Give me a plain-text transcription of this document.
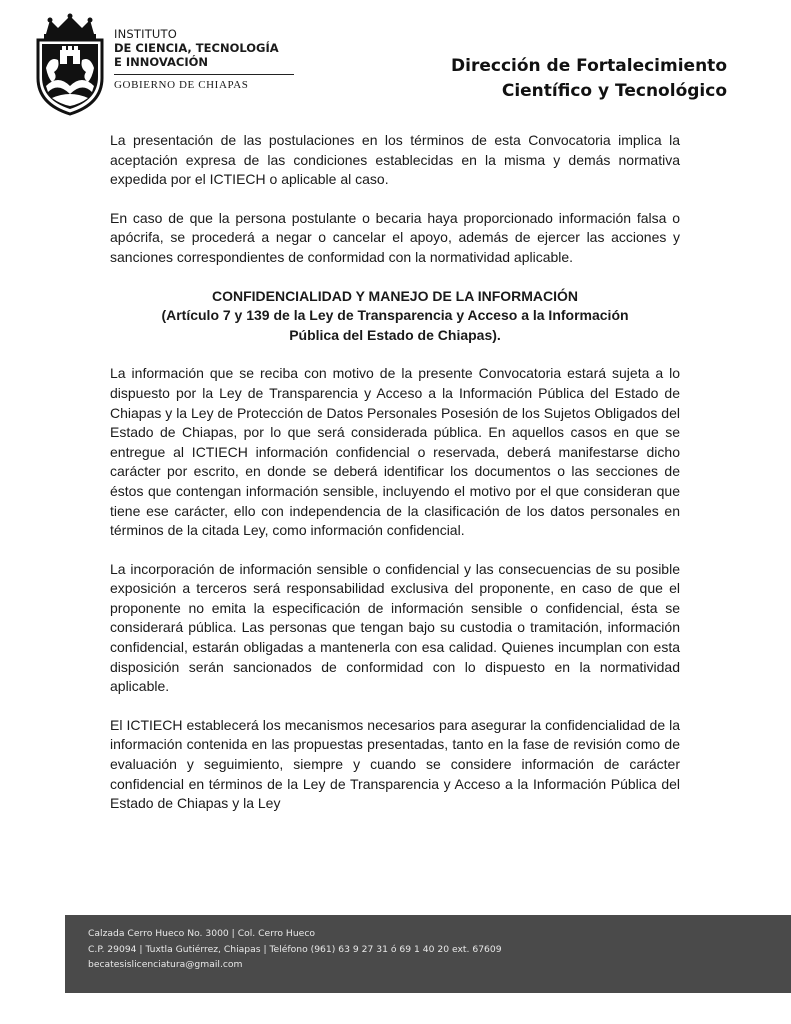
INSTITUTO
DE CIENCIA, TECNOLOGÍA
E INNOVACIÓN
GOBIERNO DE CHIAPAS
Dirección de Fortalecimiento
Científico y Tecnológico

La presentación de las postulaciones en los términos de esta Convocatoria implica la aceptación expresa de las condiciones establecidas en la misma y demás normativa expedida por el ICTIECH o aplicable al caso.

En caso de que la persona postulante o becaria haya proporcionado información falsa o apócrifa, se procederá a negar o cancelar el apoyo, además de ejercer las acciones y sanciones correspondientes de conformidad con la normatividad aplicable.

CONFIDENCIALIDAD Y MANEJO DE LA INFORMACIÓN
(Artículo 7 y 139 de la Ley de Transparencia y Acceso a la Información
Pública del Estado de Chiapas).

La información que se reciba con motivo de la presente Convocatoria estará sujeta a lo dispuesto por la Ley de Transparencia y Acceso a la Información Pública del Estado de Chiapas y la Ley de Protección de Datos Personales Posesión de los Sujetos Obligados del Estado de Chiapas, por lo que será considerada pública. En aquellos casos en que se entregue al ICTIECH información confidencial o reservada, deberá manifestarse dicho carácter por escrito, en donde se deberá identificar los documentos o las secciones de éstos que contengan información sensible, incluyendo el motivo por el que consideran que tiene ese carácter, ello con independencia de la clasificación de los datos personales en términos de la citada Ley, como información confidencial.

La incorporación de información sensible o confidencial y las consecuencias de su posible exposición a terceros será responsabilidad exclusiva del proponente, en caso de que el proponente no emita la especificación de información sensible o confidencial, ésta se considerará pública. Las personas que tengan bajo su custodia o tramitación, información confidencial, estarán obligadas a mantenerla con esa calidad. Quienes incumplan con esta disposición serán sancionados de conformidad con lo dispuesto en la normatividad aplicable.

El ICTIECH establecerá los mecanismos necesarios para asegurar la confidencialidad de la información contenida en las propuestas presentadas, tanto en la fase de revisión como de evaluación y seguimiento, siempre y cuando se considere información de carácter confidencial en términos de la Ley de Transparencia y Acceso a la Información Pública del Estado de Chiapas y la Ley

Calzada Cerro Hueco No. 3000 | Col. Cerro Hueco
C.P. 29094 | Tuxtla Gutiérrez, Chiapas | Teléfono (961) 63 9 27 31 ó 69 1 40 20 ext. 67609
becatesislicenciatura@gmail.com
